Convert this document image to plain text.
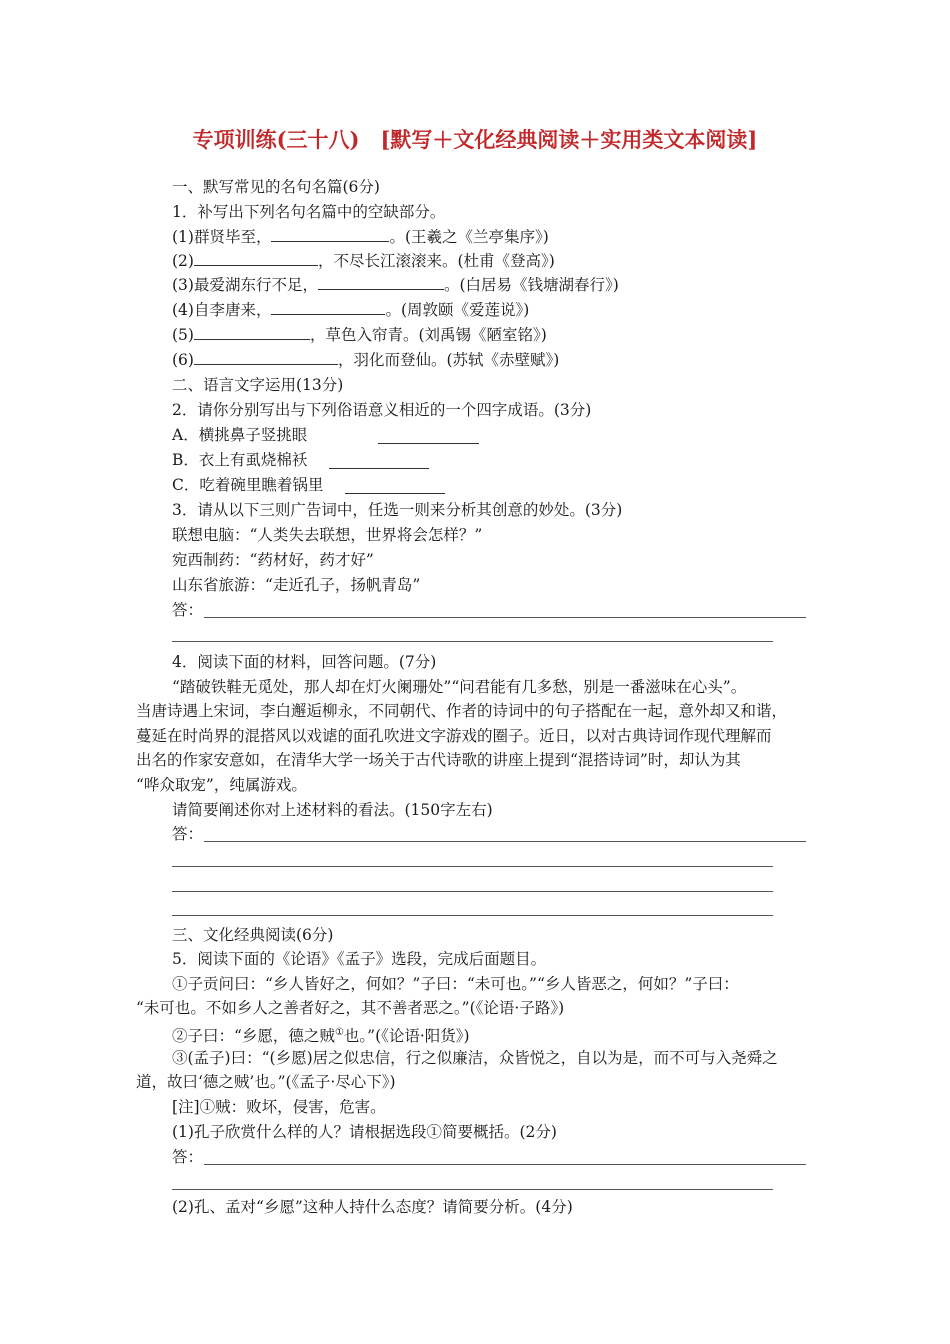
专项训练(三十八)　[默写＋文化经典阅读＋实用类文本阅读]
一、默写常见的名句名篇(6分)
1．补写出下列名句名篇中的空缺部分。
(1)群贤毕至，	。(王羲之《兰亭集序》)
(2)	，不尽长江滚滚来。(杜甫《登高》)
(3)最爱湖东行不足，	。(白居易《钱塘湖春行》)
(4)自李唐来，	。(周敦颐《爱莲说》)
(5)	，草色入帘青。(刘禹锡《陋室铭》)
(6)	，羽化而登仙。(苏轼《赤壁赋》)
二、语言文字运用(13分)
2．请你分别写出与下列俗语意义相近的一个四字成语。(3分)
A．横挑鼻子竖挑眼
B．衣上有虱烧棉袄
C．吃着碗里瞧着锅里
3．请从以下三则广告词中，任选一则来分析其创意的妙处。(3分)
联想电脑：“人类失去联想，世界将会怎样？”
宛西制药：“药材好，药才好”
山东省旅游：“走近孔子，扬帆青岛”
答：
4．阅读下面的材料，回答问题。(7分)
“踏破铁鞋无觅处，那人却在灯火阑珊处”“问君能有几多愁，别是一番滋味在心头”。
当唐诗遇上宋词，李白邂逅柳永，不同朝代、作者的诗词中的句子搭配在一起，意外却又和谐，
蔓延在时尚界的混搭风以戏谑的面孔吹进文字游戏的圈子。近日，以对古典诗词作现代理解而
出名的作家安意如，在清华大学一场关于古代诗歌的讲座上提到“混搭诗词”时，却认为其
“哗众取宠”，纯属游戏。
请简要阐述你对上述材料的看法。(150字左右)
答：
三、文化经典阅读(6分)
5．阅读下面的《论语》《孟子》选段，完成后面题目。
①子贡问曰：“乡人皆好之，何如？”子曰：“未可也。”“乡人皆恶之，何如？”子曰：
“未可也。不如乡人之善者好之，其不善者恶之。”(《论语·子路》)
②子曰：“乡愿，德之贼①也。”(《论语·阳货》)
③(孟子)曰：“(乡愿)居之似忠信，行之似廉洁，众皆悦之，自以为是，而不可与入尧舜之
道，故曰‘德之贼’也。”(《孟子·尽心下》)
[注]①贼：败坏，侵害，危害。
(1)孔子欣赏什么样的人？请根据选段①简要概括。(2分)
答：
(2)孔、孟对“乡愿”这种人持什么态度？请简要分析。(4分)
